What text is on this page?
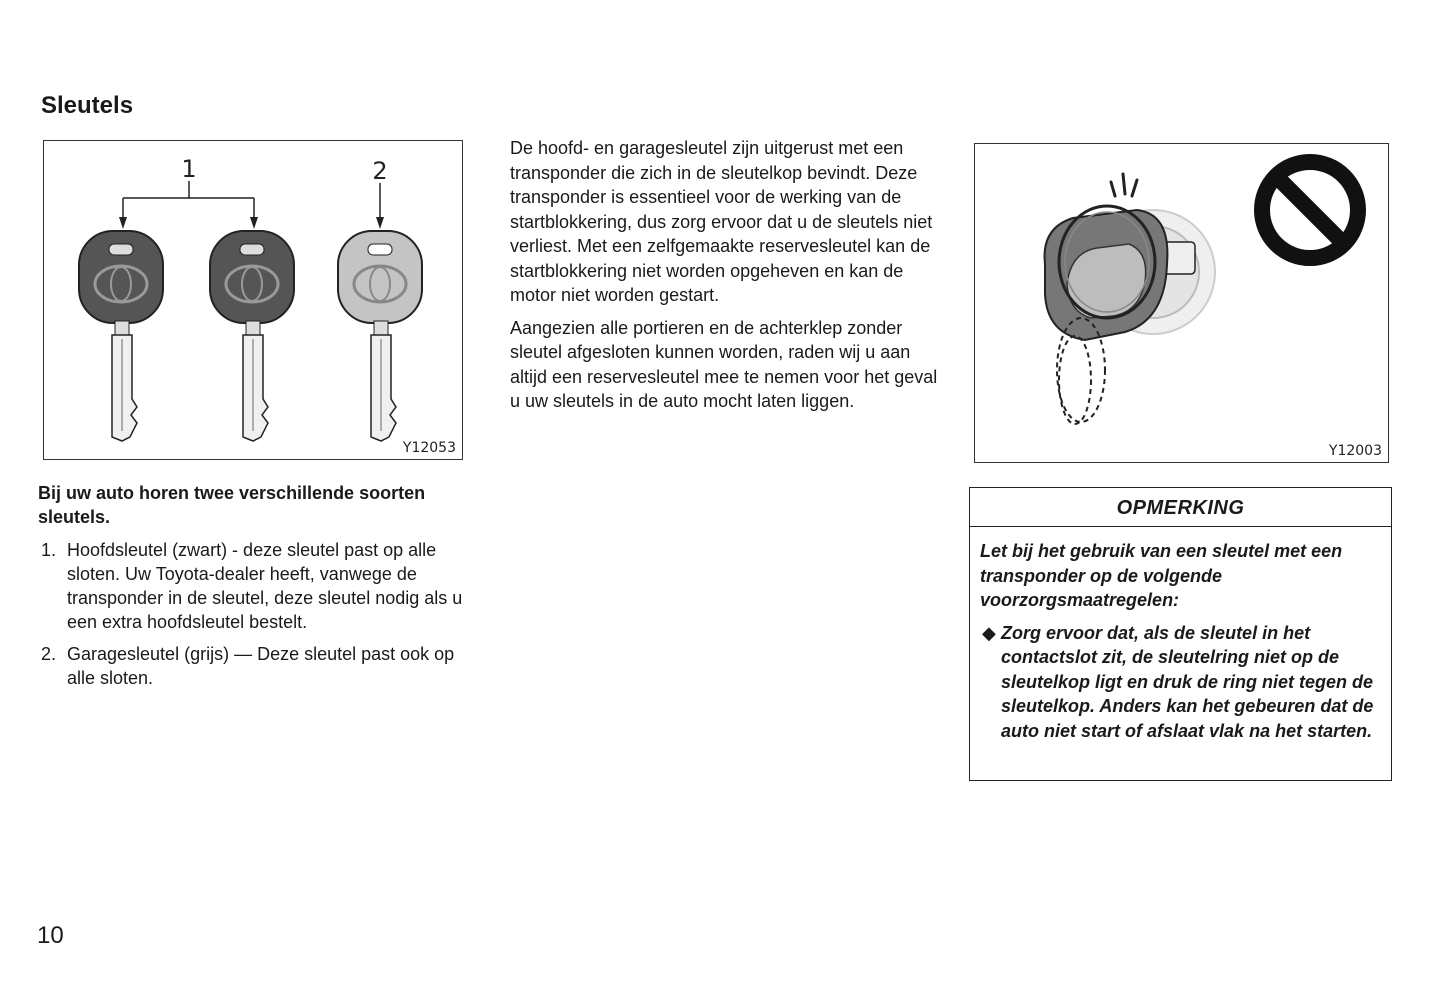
Sleutels
1	2
Y12053

De hoofd- en garagesleutel zijn uitgerust met een transponder die zich in de sleutelkop bevindt. Deze transponder is essentieel voor de werking van de startblokkering, dus zorg ervoor dat u de sleutels niet verliest. Met een zelfgemaakte reservesleutel kan de startblokkering niet worden opgeheven en kan de motor niet worden gestart.

Aangezien alle portieren en de achterklep zonder sleutel afgesloten kunnen worden, raden wij u aan altijd een reservesleutel mee te nemen voor het geval u uw sleutels in de auto mocht laten liggen.

Y12003

Bij uw auto horen twee verschillende soorten sleutels.

1. Hoofdsleutel (zwart) - deze sleutel past op alle sloten. Uw Toyota-dealer heeft, vanwege de transponder in de sleutel, deze sleutel nodig als u een extra hoofdsleutel bestelt.
2. Garagesleutel (grijs) — Deze sleutel past ook op alle sloten.
OPMERKING

Let bij het gebruik van een sleutel met een transponder op de volgende voorzorgsmaatregelen:

◆ Zorg ervoor dat, als de sleutel in het contactslot zit, de sleutelring niet op de sleutelkop ligt en druk de ring niet tegen de sleutelkop. Anders kan het gebeuren dat de auto niet start of afslaat vlak na het starten.

10
